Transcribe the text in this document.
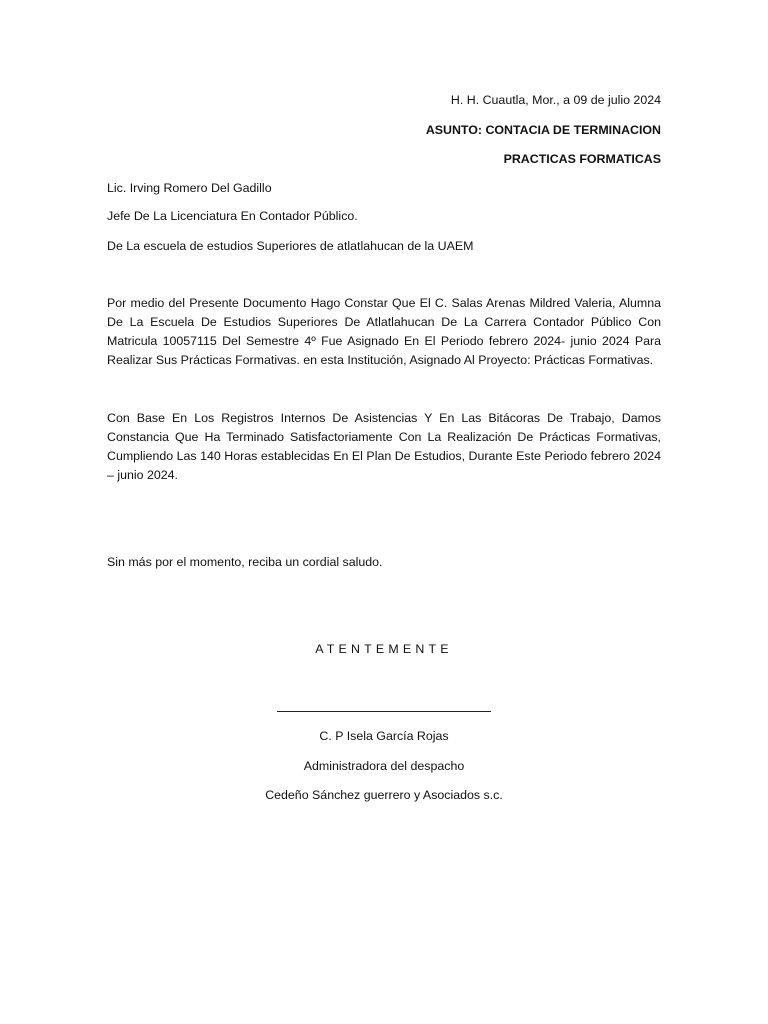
H. H. Cuautla, Mor., a 09 de julio 2024
ASUNTO: CONTACIA DE TERMINACION
PRACTICAS FORMATICAS
Lic. Irving Romero Del Gadillo
Jefe De La Licenciatura En Contador Público.
De La escuela de estudios Superiores de atlatlahucan de la UAEM
Por medio del Presente Documento Hago Constar Que El C. Salas Arenas Mildred Valeria, Alumna De La Escuela De Estudios Superiores De Atlatlahucan De La Carrera Contador Público Con Matricula 10057115 Del Semestre 4º Fue Asignado En El Periodo febrero 2024- junio 2024 Para Realizar Sus Prácticas Formativas. en esta Institución, Asignado Al Proyecto: Prácticas Formativas.
Con Base En Los Registros Internos De Asistencias Y En Las Bitácoras De Trabajo, Damos Constancia Que Ha Terminado Satisfactoriamente Con La Realización De Prácticas Formativas, Cumpliendo Las 140 Horas establecidas En El Plan De Estudios, Durante Este Periodo febrero 2024 – junio 2024.
Sin más por el momento, reciba un cordial saludo.
ATENTEMENTE
C. P Isela García Rojas
Administradora del despacho
Cedeño Sánchez guerrero y Asociados s.c.
